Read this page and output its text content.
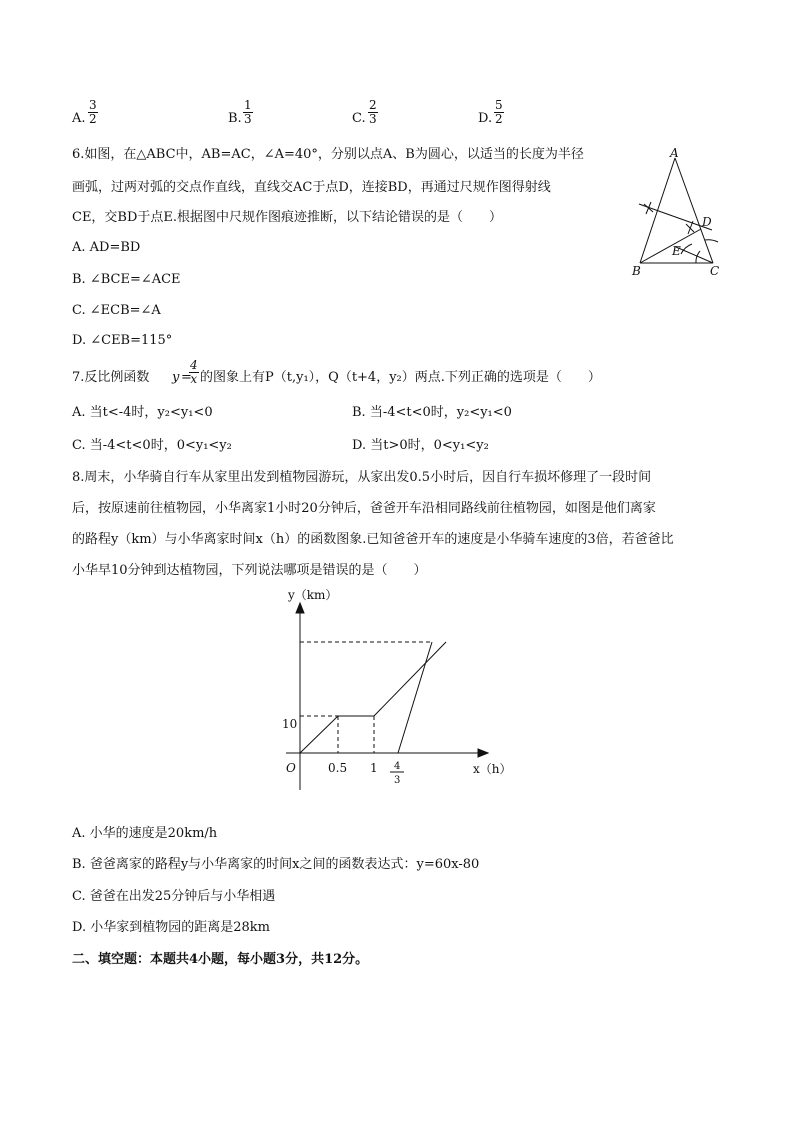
A. $\frac{3}{2}$	B. $\frac{1}{3}$	C. $\frac{2}{3}$	D. $\frac{5}{2}$
6.如图，在△ABC中，AB=AC，∠A=40°，分别以点A、B为圆心，以适当的长度为半径
画弧，过两对弧的交点作直线，直线交AC于点D，连接BD，再通过尺规作图得射线
CE，交BD于点E.根据图中尺规作图痕迹推断，以下结论错误的是（　　）
A. AD=BD
B. ∠BCE=∠ACE
C. ∠ECB=∠A
D. ∠CEB=115°
A
B	C
D
E
7.反比例函数 y =
$\frac{4}{x}$ 的图象上有P（t,y₁），Q（t+4，y₂）两点.下列正确的选项是（　　）
A. 当t<-4时，y₂<y₁<0	B. 当-4<t<0时，y₂<y₁<0
C. 当-4<t<0时，0<y₁<y₂	D. 当t>0时，0<y₁<y₂
8.周末，小华骑自行车从家里出发到植物园游玩，从家出发0.5小时后，因自行车损坏修理了一段时间
后，按原速前往植物园，小华离家1小时20分钟后，爸爸开车沿相同路线前往植物园，如图是他们离家
的路程y（km）与小华离家时间x（h）的函数图象.已知爸爸开车的速度是小华骑车速度的3倍，若爸爸比
小华早10分钟到达植物园，下列说法哪项是错误的是（　　）
y（km）
x（h）
O
10
0.5 1 4
3
A. 小华的速度是20km/h
B. 爸爸离家的路程y与小华离家的时间x之间的函数表达式：y=60x-80
C. 爸爸在出发25分钟后与小华相遇
D. 小华家到植物园的距离是28km
二、填空题：本题共4小题，每小题3分，共12分。
